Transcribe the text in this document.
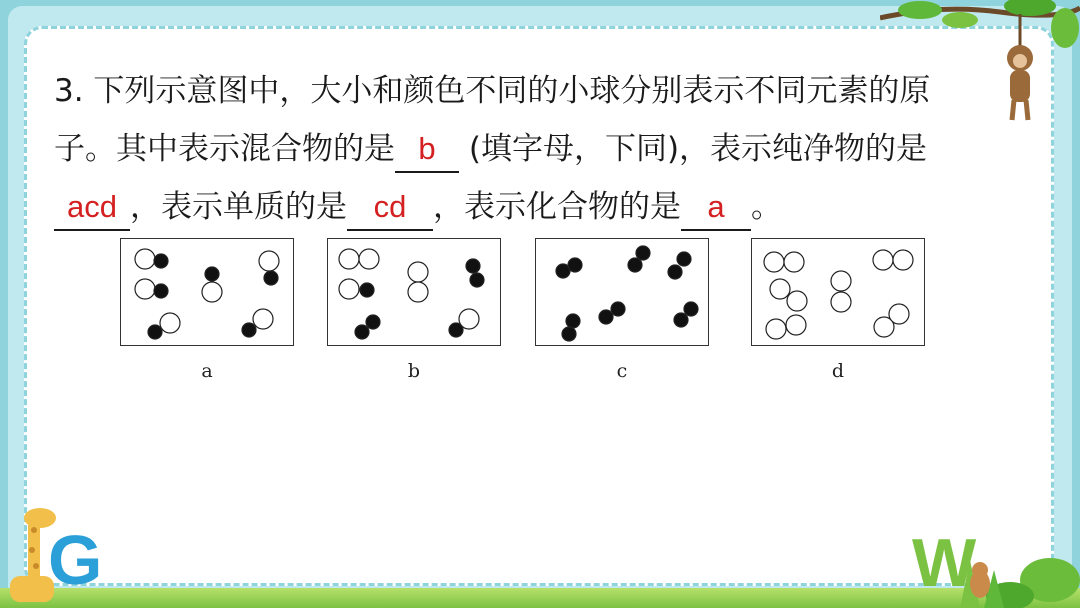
G	W
3. 下列示意图中，大小和颜色不同的小球分别表示不同元素的原
子。其中表示混合物的是 b (填字母，下同)，表示纯净物的是
acd ，表示单质的是 cd ，表示化合物的是 a 。
a	b	c	d
